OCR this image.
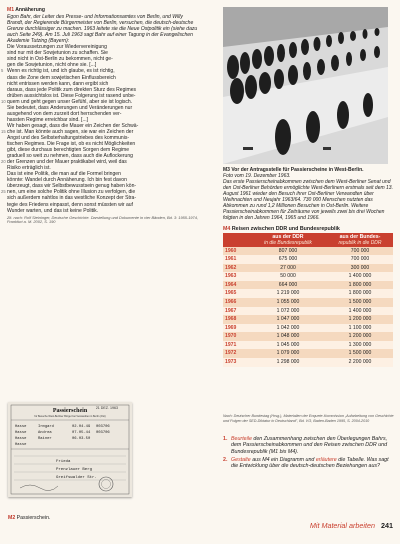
M1 Annäherung
Egon Bahr, der Leiter des Presse- und Informationsamtes von Berlin, und Willy Brandt, der Regierende Bürgermeister von Berlin, versuchen, die deutsch-deutsche Grenze durchlässiger zu machen. 1963 leitete sie die Neue Ostpolitik ein (siehe dazu auch Seite 249). Am 15. Juli 1963 sagt Bahr auf einer Tagung in der Evangelischen Akademie Tutzing (Bayern):
Die Voraussetzungen zur Wiedervereinigung
sind nur mit der Sowjetunion zu schaffen. Sie
sind nicht in Ost-Berlin zu bekommen, nicht ge-
gen die Sowjetunion, nicht ohne sie. [...]
Wenn es richtig ist, und ich glaube, es ist richtig,
dass die Zone dem sowjetischen Einflussbereich
nicht entrissen werden kann, dann ergibt sich
daraus, dass jede Politik zum direkten Sturz des Regimes
drüben aussichtslos ist. Diese Folgerung ist rasend unbe-
quem und geht gegen unser Gefühl, aber sie ist logisch.
Sie bedeutet, dass Änderungen und Veränderungen nur
ausgehend von dem zurzeit dort herrschenden ver-
hassten Regime erreichbar sind. [...]
Wir haben gesagt, dass die Mauer ein Zeichen der Schwä-
che ist. Man könnte auch sagen, sie war ein Zeichen der
Angst und des Selbsterhaltungstriebes des kommunis-
tischen Regimes. Die Frage ist, ob es nicht Möglichkeiten
gibt, diese durchaus berechtigten Sorgen dem Regime
graduell so weit zu nehmen, dass auch die Auflockerung
der Grenzen und der Mauer praktikabel wird, weil das
Risiko erträglich ist.
Das ist eine Politik, die man auf die Formel bringen
könnte: Wandel durch Annäherung. Ich bin fest davon
überzeugt, dass wir Selbstbewusstsein genug haben kön-
nen, um eine solche Politik ohne Illusion zu verfolgen, die
sich außerdem nahtlos in das westliche Konzept der Stra-
tegie des Friedens einpasst, denn sonst müssten wir auf
Wunder warten, und das ist keine Politik.
5
10
15
20
25
Zit. nach: Rolf Steininger, Deutsche Geschichte. Darstellung und Dokumente in vier Bänden, Bd. 3: 1955-1974, Frankfurt a. M. 2002, S. 190
Passierschein 21 DEZ. 1963
für Besuche West-Berliner Bürger bei Verwandten in Berlin (Ost)
Hasse	Irmgard	02.04.49 003706
Hasse	Andrea	07.05.44 003706
Hasse	Rainer	06.03.50
Hasse
Frieda
Prenzlauer Berg
Greifswalder Str.
M2 Passierschein.
M3 Vor der Antragsstelle für Passierscheine in West-Berlin.
Foto vom 19. Dezember 1963.
Das erste Passierscheinabkommen zwischen dem West-Berliner Senat und den Ost-Berliner Behörden ermöglichte West-Berlinern erstmals seit dem 13. August 1961 wieder den Besuch ihrer Ost-Berliner Verwandten über Weihnachten und Neujahr 1963/64. 730 000 Menschen nutzten das Abkommen zu rund 1,2 Millionen Besuchen in Ost-Berlin. Weitere Passierscheinabkommen für Zeiträume von jeweils zwei bis drei Wochen folgten in den Jahren 1964, 1965 und 1966.
M4 Reisen zwischen DDR und Bundesrepublik
	aus der DDR	aus der Bundes-
	in die Bundesrepublik	republik in die DDR
1960	807 000	700 000
1961	675 000	700 000
1962	27 000	300 000
1963	50 000	1 400 000
1964	664 000	1 800 000
1965	1 219 000	1 800 000
1966	1 055 000	1 500 000
1967	1 072 000	1 400 000
1968	1 047 000	1 200 000
1969	1 042 000	1 100 000
1970	1 048 000	1 200 000
1971	1 045 000	1 300 000
1972	1 079 000	1 500 000
1973	1 298 000	2 200 000
Nach: Deutscher Bundestag (Hrsg.), Materialien der Enquete-Kommission „Aufarbeitung von Geschichte und Folgen der SED-Diktatur in Deutschland", Bd. V/3, Baden-Baden 1995, S. 2004-2010
1. Beurteile den Zusammenhang zwischen den Überlegungen Bahrs, dem Passierscheinabkommen und den Reisen zwischen DDR und Bundesrepublik (M1 bis M4).
2. Gestalte aus M4 ein Diagramm und erläutere die Tabelle. Was sagt die Entwicklung über die deutsch-deutschen Beziehungen aus?
Mit Material arbeiten 241
